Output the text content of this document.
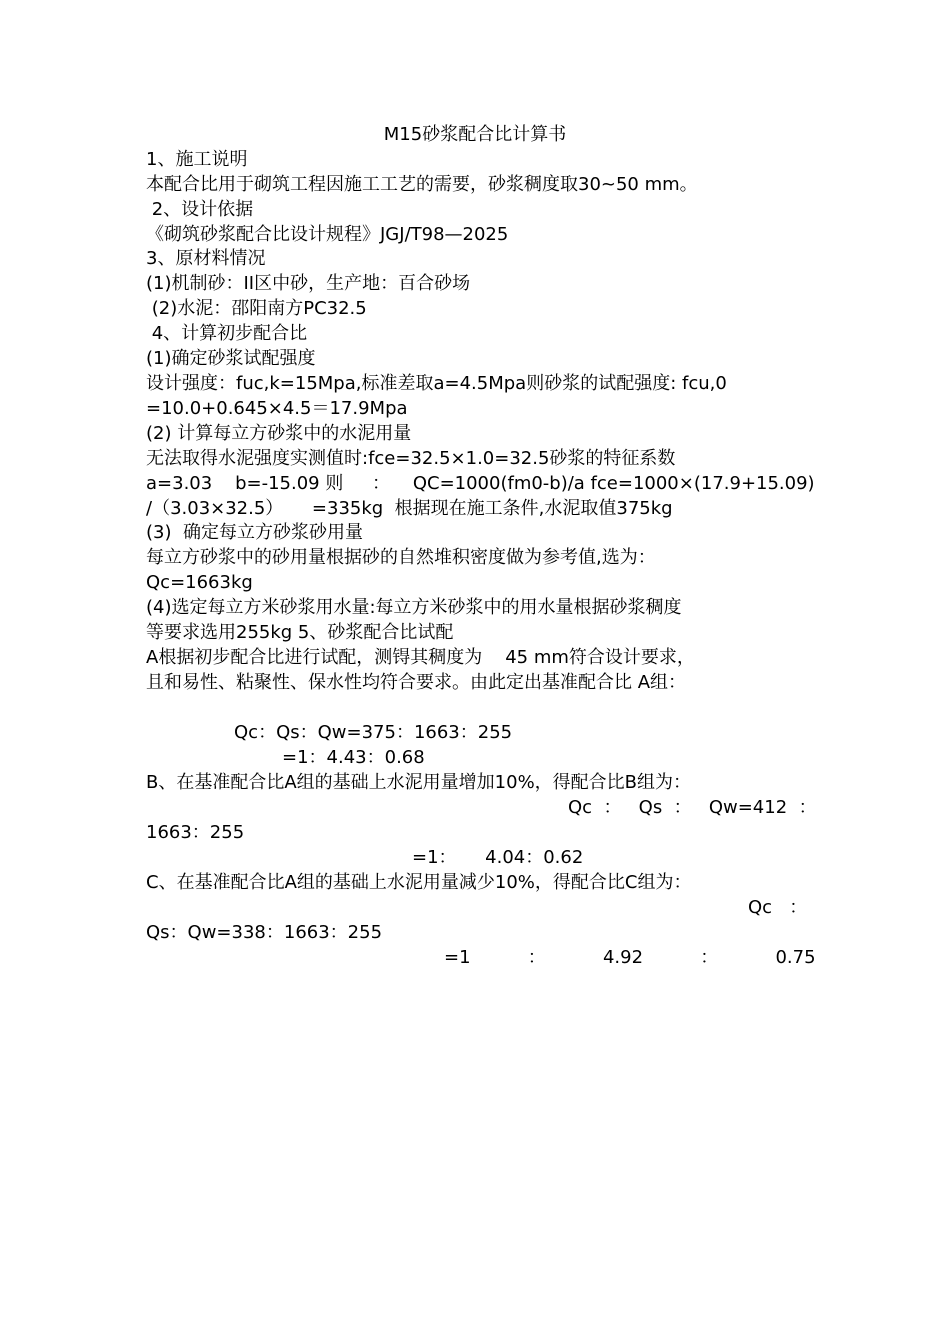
M15砂浆配合比计算书
1、施工说明
本配合比用于砌筑工程因施工工艺的需要，砂浆稠度取30~50 mm。
2、设计依据
《砌筑砂浆配合比设计规程》JGJ/T98—2025
3、原材料情况
(1)机制砂：II区中砂，生产地：百合砂场
(2)水泥：邵阳南方PC32.5
4、计算初步配合比
(1)确定砂浆试配强度
设计强度：fuc,k=15Mpa,标准差取a=4.5Mpa则砂浆的试配强度: fcu,0
=10.0+0.645×4.5＝17.9Mpa
(2) 计算每立方砂浆中的水泥用量
无法取得水泥强度实测值时:fce=32.5×1.0=32.5砂浆的特征系数
a=3.03    b=-15.09 则     ：    QC=1000(fm0-b)/a fce=1000×(17.9+15.09)
/（3.03×32.5）     =335kg  根据现在施工条件,水泥取值375kg
(3)  确定每立方砂浆砂用量
每立方砂浆中的砂用量根据砂的自然堆积密度做为参考值,选为：
Qc=1663kg
(4)选定每立方米砂浆用水量:每立方米砂浆中的用水量根据砂浆稠度
等要求选用255kg 5、砂浆配合比试配
A根据初步配合比进行试配，测锝其稠度为    45 mm符合设计要求，
且和易性、粘聚性、保水性均符合要求。由此定出基准配合比 A组：
Qc：Qs：Qw=375：1663：255
=1：4.43：0.68
B、在基准配合比A组的基础上水泥用量增加10%，得配合比B组为：
Qc  ：   Qs  ：   Qw=412  ：
1663：255
=1：     4.04：0.62
C、在基准配合比A组的基础上水泥用量减少10%，得配合比C组为：
Qc   ：
Qs：Qw=338：1663：255
=1          ：          4.92          ：          0.75
